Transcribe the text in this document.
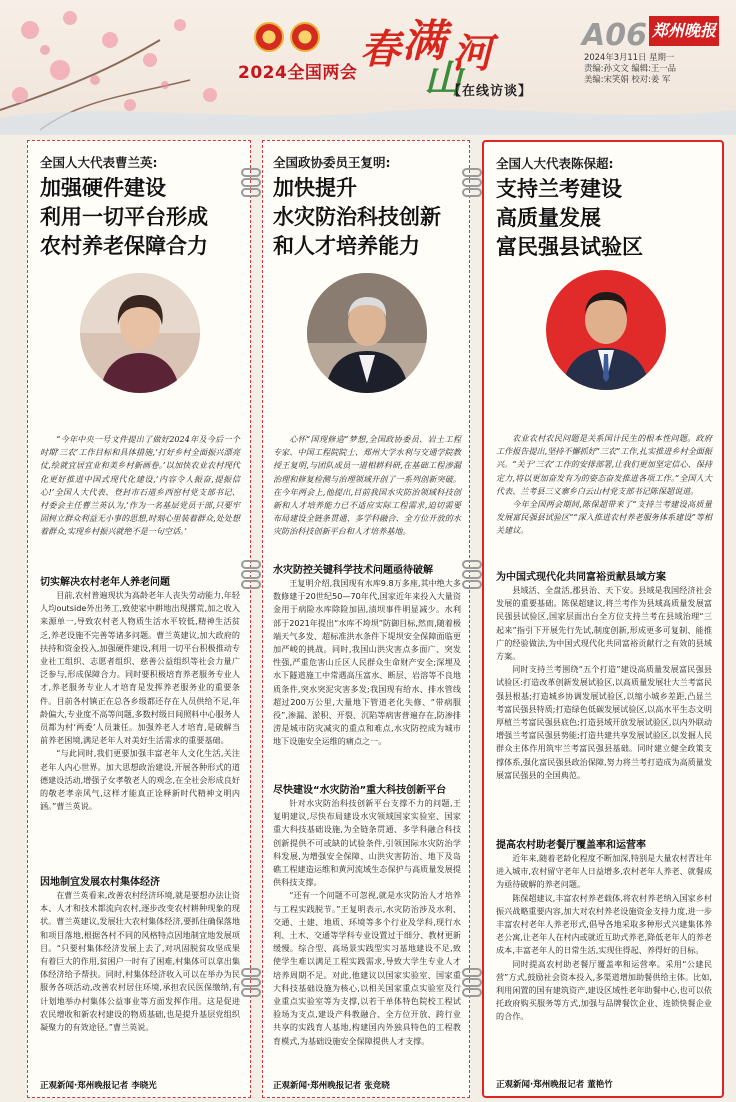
2024全国两会 春 满 河
山
【在线访谈】
A06 郑州晚报
2024年3月11日 星期一
责编:孙文文 编辑:王一品
美编:宋笑娟 校对:姜 军

全国人大代表曹兰英:

加强硬件建设
利用一切平台形成
农村养老保障合力

“今年中央一号文件提出了做好2024年及今后一个时期‘三农’工作目标和具体措施,‘打好乡村全面振兴漂亮仗,绘就宜居宜业和美乡村新画卷。’以加快农业农村现代化更好推进中国式现代化建设,‘内容令人振奋,提振信心!’全国人大代表、登封市石道乡西窑村党支部书记、村委会主任曹兰英认为,‘作为一名基层党员干部,只要牢固树立群众利益无小事的思想,时刻心里装着群众,处处想着群众,实现乡村振兴就绝不是一句空话。’

切实解决农村老年人养老问题

目前,农村普遍现状为高龄老年人丧失劳动能力,年轻人均outside外出务工,致使家中耕地出现撂荒,加之收入来源单一,导致农村老人物质生活水平较低,精神生活贫乏,养老设施不完善等诸多问题。曹兰英建议,加大政府的扶持和资金投入,加强硬件建设,利用一切平台积极推动专业社工组织、志愿者组织、慈善公益组织等社会力量广泛参与,形成保障合力。同时要积极培育养老服务专业人才,养老服务专业人才培育是发挥养老服务业的重要条件。目前各村镇正在总各乡级都还存在人员供给不足,年龄偏大,专业度不高等问题,多数村级日间照料中心服务人员都为村‘两委’人员兼任。加强养老人才培育,是破解当前养老困境,满足老年人对美好生活需求的重要基础。

“与此同时,我们更要加强丰富老年人文化生活,关注老年人内心世界。加大思想政治建设,开展各种形式的道德建设活动,增强子女孝敬老人的观念,在全社会形成良好的敬老孝亲风气,这样才能真正诠释新时代精神文明内涵。”曹兰英说。

因地制宜发展农村集体经济

在曹兰英看来,改善农村经济环境,就是要想办法让资本、人才和技术都流向农村,逐步改变农村耕种现象的现状。曹兰英建议,发展壮大农村集体经济,要抓住确保落地和项目落地,根据各村不同的风格特点因地制宜地发展项目。“只要村集体经济发展上去了,对巩固脱贫攻坚成果有着巨大的作用,贫困户一时有了困难,村集体可以拿出集体经济给予帮扶。同时,村集体经济收入可以在举办为民服务各项活动,改善农村居住环境,承担农民医保缴纳,有计划地举办村集体公益事业等方面发挥作用。这是促进农民增收和新农村建设的物质基础,也是提升基层党组织凝聚力的有效途径。”曹兰英说。

正观新闻·郑州晚报记者 李晓光

全国政协委员王复明:

加快提升
水灾防治科技创新
和人才培养能力

心怀“国现修造”梦想,全国政协委员、岩土工程专家、中国工程院院士、郑州大学水利与交通学院教授王复明,与团队成员一道相耕科研,在基础工程渗漏治理和修复检测与治理领域开创了一系列创新突破。在今年两会上,他提出,目前我国水灾防治领域科技创新和人才培养能力已不适应实际工程需求,迫切需要布局建设全链条贯通、多学科融合、全方位开放的水灾防治科技创新平台和人才培养基地。

水灾防控关键科学技术问题亟待破解

王复明介绍,我国现有水库9.8万多座,其中绝大多数修建于20世纪50—70年代,国家近年来投入大量资金用于病险水库除险加固,渍坝事件明显减少。水利部于2021年提出“水库不垮坝”防御目标,然而,随着极端天气多发、超标准洪水条件下堤坝安全保障面临更加严峻的挑战。同时,我国山洪灾害点多面广、突发性强,严重危害山丘区人民群众生命财产安全;深埋及水下隧道施工中常遇高压富水、断层、岩溶等不良地质条件,突水突泥灾害多发;我国现有给水、排水管线超过200万公里,大量地下管道老化失修、“带病服役”,渗漏、淤积、开裂、沉陷等病害普遍存在,防渗排涝是城市防灾减灾的重点和难点,水灾防控成为城市地下设施安全运维的痛点之一。

尽快建设“水灾防治”重大科技创新平台

针对水灾防治科技创新平台支撑不力的问题,王复明建议,尽快布局建设水灾领域国家实验室、国家重大科技基础设施,为全链条贯通、多学科融合科技创新提供不可或缺的试验条件,引领国际水灾防治学科发展,为增强安全保障、山洪灾害防治、地下及岛礁工程建造运维和黄河流域生态保护与高质量发展提供科技支撑。

“还有一个问题不可忽视,就是水灾防治人才培养与工程实践脱节。”王复明表示,水灾防治涉及水利、交通、土建、地质、环境等多个行业及学科,现行水利、土木、交通等学科专业设置过于细分、教材更新缓慢。综合型、高场景实践型实习基地建设不足,致使学生难以满足工程实践需求,导致大学生专业人才培养周期不足。对此,他建议以国家实验室、国家重大科技基础设施为核心,以相关国家重点实验室及行业重点实验室等为支撑,以若干单体特色院校工程试验场为支点,建设产科教融合、全方位开放、跨行业共享的实践育人基地,构建国内外独具特色的工程教育模式,为基础设施安全保障提供人才支撑。

正观新闻·郑州晚报记者 张竞晓

全国人大代表陈保超:

支持兰考建设
高质量发展
富民强县试验区

农业农村农民问题是关系国计民生的根本性问题。政府工作报告提出,坚持不懈抓好“三农”工作,扎实推进乡村全面振兴。“关于‘三农’工作的安排部署,让我们更加坚定信心、保持定力,将以更加奋发有为的姿态奋发推进各项工作。”全国人大代表、兰考县三义寨乡白云山村党支部书记陈保超说道。

今年全国两会期间,陈保超带来了“支持兰考建设高质量发展富民强县试验区”“深入推进农村养老服务体系建设”等相关建议。

为中国式现代化共同富裕贡献县域方案

县域活、全盘活,郡县治、天下安。县域是我国经济社会发展的重要基础。陈保超建议,将兰考作为县域高质量发展富民强县试验区,国家层面出台全方位支持兰考在县域治理“三起来”指引下开展先行先试,制度创新,形成更多可复制、能推广的经验做法,为中国式现代化共同富裕贡献行之有效的县域方案。

同时支持兰考围绕“五个打造”建设高质量发展富民强县试验区:打造改革创新发展试验区,以高质量发展壮大兰考富民强县根基;打造城乡协调发展试验区,以缩小城乡差距,凸显兰考富民强县特质;打造绿色低碳发展试验区,以高水平生态文明厚植兰考富民强县底色;打造县域开放发展试验区,以内外联动增强兰考富民强县势能;打造共建共享发展试验区,以发掘人民群众主体作用筑牢兰考富民强县基础。同时建立健全政策支撑体系,强化富民强县政治保障,努力将兰考打造成为高质量发展富民强县的全国典范。

提高农村助老餐厅覆盖率和运营率

近年来,随着老龄化程度不断加深,特别是大量农村青壮年进入城市,农村留守老年人日益增多,农村老年人养老、就餐成为亟待破解的养老问题。

陈保超建议,丰富农村养老载体,将农村养老纳入国家乡村振兴战略重要内容,加大对农村养老设施资金支持力度,进一步丰富农村老年人养老形式,倡导各地采取多种形式兴建集体养老公寓,让老年人在村内或就近互助式养老,降低老年人的养老成本,丰富老年人的日常生活,实现住得起、养得好的目标。

同时提高农村助老餐厅覆盖率和运营率。采用“公建民营”方式,鼓励社会资本投入,多渠道增加助餐供给主体。比如,利用闲置的国有建筑资产,建设区域性老年助餐中心,也可以依托政府购买服务等方式,加强与品牌餐饮企业、连锁快餐企业的合作。

正观新闻·郑州晚报记者 董艳竹
